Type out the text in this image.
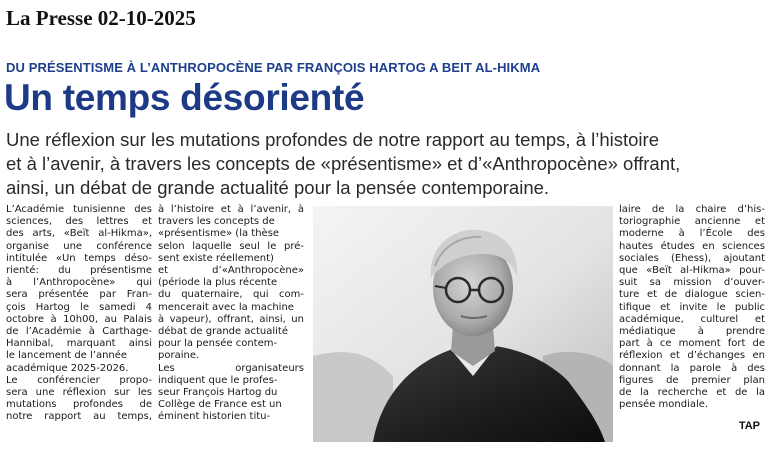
La Presse 02-10-2025
DU PRÉSENTISME À L’ANTHROPOCÈNE PAR FRANÇOIS HARTOG A BEIT AL-HIKMA
Un temps désorienté
Une réflexion sur les mutations profondes de notre rapport au temps, à l’histoire
et à l’avenir, à travers les concepts de «présentisme» et d’«Anthropocène» offrant,
ainsi, un débat de grande actualité pour la pensée contemporaine.
L’Académie tunisienne des
sciences, des lettres et
des arts, «Beït al-Hikma»,
organise une conférence
intitulée «Un temps déso-
rienté: du présentisme
à l’Anthropocène» qui
sera présentée par Fran-
çois Hartog le samedi 4
octobre à 10h00, au Palais
de l’Académie à Carthage-
Hannibal, marquant ainsi
le lancement de l’année
académique 2025-2026.
Le conférencier propo-
sera une réflexion sur les
mutations profondes de
notre rapport au temps,
à l’histoire et à l’avenir, à
travers les concepts de
«présentisme» (la thèse
selon laquelle seul le pré-
sent existe réellement)
et d’«Anthropocène»
(période la plus récente
du quaternaire, qui com-
mencerait avec la machine
à vapeur), offrant, ainsi, un
débat de grande actualité
pour la pensée contem-
poraine.
Les organisateurs
indiquent que le profes-
seur François Hartog du
Collège de France est un
éminent historien titu-
laire de la chaire d’his-
toriographie ancienne et
moderne à l’École des
hautes études en sciences
sociales (Ehess), ajoutant
que «Beït al-Hikma» pour-
suit sa mission d’ouver-
ture et de dialogue scien-
tifique et invite le public
académique, culturel et
médiatique à prendre
part à ce moment fort de
réflexion et d’échanges en
donnant la parole à des
figures de premier plan
de la recherche et de la
pensée mondiale.
TAP
